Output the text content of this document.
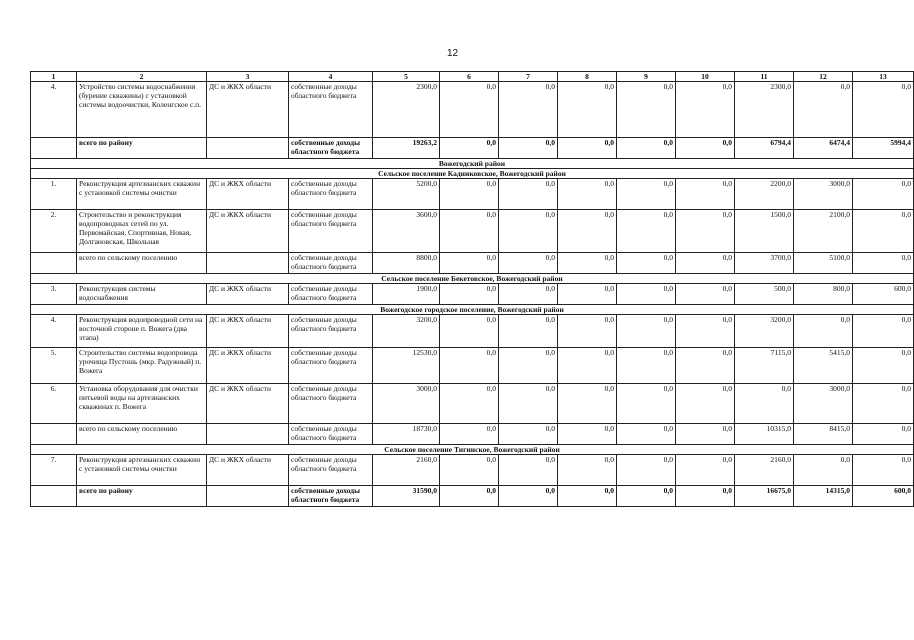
12
1	2	3	4	5	6	7	8	9	10	11	12	13
4.	Устройство системы водоснабжения (бурение скважины) с установкой системы водоочистки, Коленгское с.п.	ДС и ЖКХ области	собственные доходы областного бюджета	2300,0	0,0	0,0	0,0	0,0	0,0	2300,0	0,0	0,0
	всего по району		собственные доходы областного бюджета	19263,2	0,0	0,0	0,0	0,0	0,0	6794,4	6474,4	5994,4
Вожегодский район												
Сельское поселение Кадниковское, Вожегодский район												
1.	Реконструкция артезианских скважин с установкой системы очистки	ДС и ЖКХ области	собственные доходы областного бюджета	5200,0	0,0	0,0	0,0	0,0	0,0	2200,0	3000,0	0,0
2.	Строительство и реконструкция водопроводных сетей по ул. Первомайская, Спортивная, Новая, Долгановская, Школьная	ДС и ЖКХ области	собственные доходы областного бюджета	3600,0	0,0	0,0	0,0	0,0	0,0	1500,0	2100,0	0,0
	всего по сельскому поселению		собственные доходы областного бюджета	8800,0	0,0	0,0	0,0	0,0	0,0	3700,0	5100,0	0,0
Сельское поселение Бекетовское, Вожегодский район												
3.	Реконструкция системы водоснабжения	ДС и ЖКХ области	собственные доходы областного бюджета	1900,0	0,0	0,0	0,0	0,0	0,0	500,0	800,0	600,0
Вожегодское городское поселение, Вожегодский район												
4.	Реконструкция водопроводной сети на восточной стороне п. Вожега (два этапа)	ДС и ЖКХ области	собственные доходы областного бюджета	3200,0	0,0	0,0	0,0	0,0	0,0	3200,0	0,0	0,0
5.	Строительство системы водопровода урочища Пустошь (мкр. Радужный) п. Вожега	ДС и ЖКХ области	собственные доходы областного бюджета	12530,0	0,0	0,0	0,0	0,0	0,0	7115,0	5415,0	0,0
6.	Установка оборудования для очистки питьевой воды на артезианских скважинах п. Вожега	ДС и ЖКХ области	собственные доходы областного бюджета	3000,0	0,0	0,0	0,0	0,0	0,0	0,0	3000,0	0,0
	всего по сельскому поселению		собственные доходы областного бюджета	18730,0	0,0	0,0	0,0	0,0	0,0	10315,0	8415,0	0,0
Сельское поселение Тигинское, Вожегодский район												
7.	Реконструкция артезианских скважин с установкой системы очистки	ДС и ЖКХ области	собственные доходы областного бюджета	2160,0	0,0	0,0	0,0	0,0	0,0	2160,0	0,0	0,0
	всего по району		собственные доходы областного бюджета	31590,0	0,0	0,0	0,0	0,0	0,0	16675,0	14315,0	600,0
